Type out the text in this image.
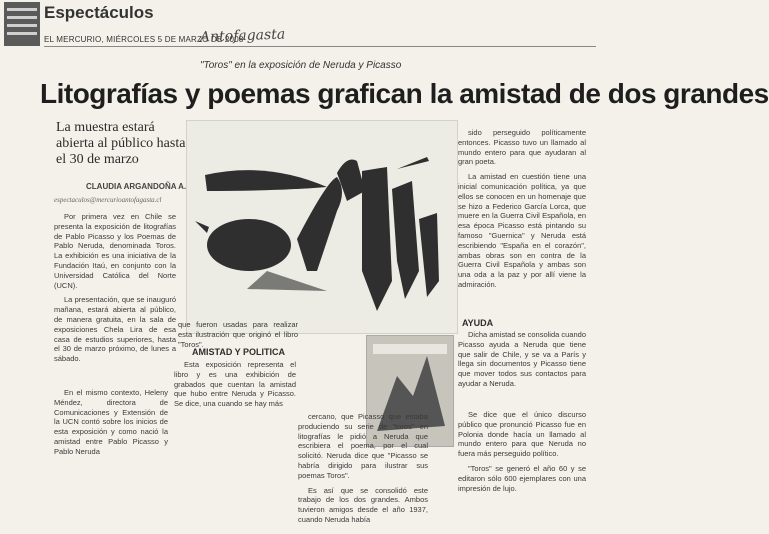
Espectáculos
EL MERCURIO, MIÉRCOLES 5 DE MARZO DE 2008
Antofagasta
"Toros" en la exposición de Neruda y Picasso
Litografías y poemas grafican la amistad de dos grandes
La muestra estará abierta al público hasta el 30 de marzo
CLAUDIA ARGANDOÑA A.
espectaculos@mercurioantofagasta.cl

Por primera vez en Chile se presenta la exposición de litografías de Pablo Picasso y los Poemas de Pablo Neruda, denominada Toros. La exhibición es una iniciativa de la Fundación Itaú, en conjunto con la Universidad Católica del Norte (UCN).

La presentación, que se inauguró mañana, estará abierta al público, de manera gratuita, en la sala de exposiciones Chela Lira de esa casa de estudios superiores, hasta el 30 de marzo próximo, de lunes a sábado.

En el mismo contexto, Heleny Méndez, directora de Comunicaciones y Extensión de la UCN contó sobre los inicios de esta exposición y como nació la amistad entre Pablo Picasso y Pablo Neruda

que fueron usadas para realizar esta ilustración que originó el libro "Toros".
AMISTAD Y POLITICA

Esta exposición representa el libro y es una exhibición de grabados que cuentan la amistad que hubo entre Neruda y Picasso. Se dice, una cuando se hay más

cercano, que Picasso que estaba produciendo su serie de "toros" en litografías le pidió a Neruda que escribiera el poema, por el cual solicitó. Neruda dice que "Picasso se habría dirigido para ilustrar sus poemas Toros".

Es así que se consolidó este trabajo de los dos grandes. Ambos tuvieron amigos desde el año 1937, cuando Neruda había

sido perseguido políticamente entonces. Picasso tuvo un llamado al mundo entero para que ayudaran al gran poeta.

La amistad en cuestión tiene una inicial comunicación política, ya que ellos se conocen en un homenaje que se hizo a Federico García Lorca, que muere en la Guerra Civil Española, en esa época Picasso está pintando su famoso "Guernica" y Neruda está escribiendo "España en el corazón", ambas obras son en contra de la Guerra Civil Española y ambas son una oda a la paz y por allí viene la admiración.

AYUDA

Dicha amistad se consolida cuando Picasso ayuda a Neruda que tiene que salir de Chile, y se va a París y llega sin documentos y Picasso tiene que mover todos sus contactos para ayudar a Neruda.

Se dice que el único discurso público que pronunció Picasso fue en Polonia donde hacía un llamado al mundo entero para que Neruda no fuera más perseguido político.

"Toros" se generó el año 60 y se editaron sólo 600 ejemplares con una impresión de lujo.
